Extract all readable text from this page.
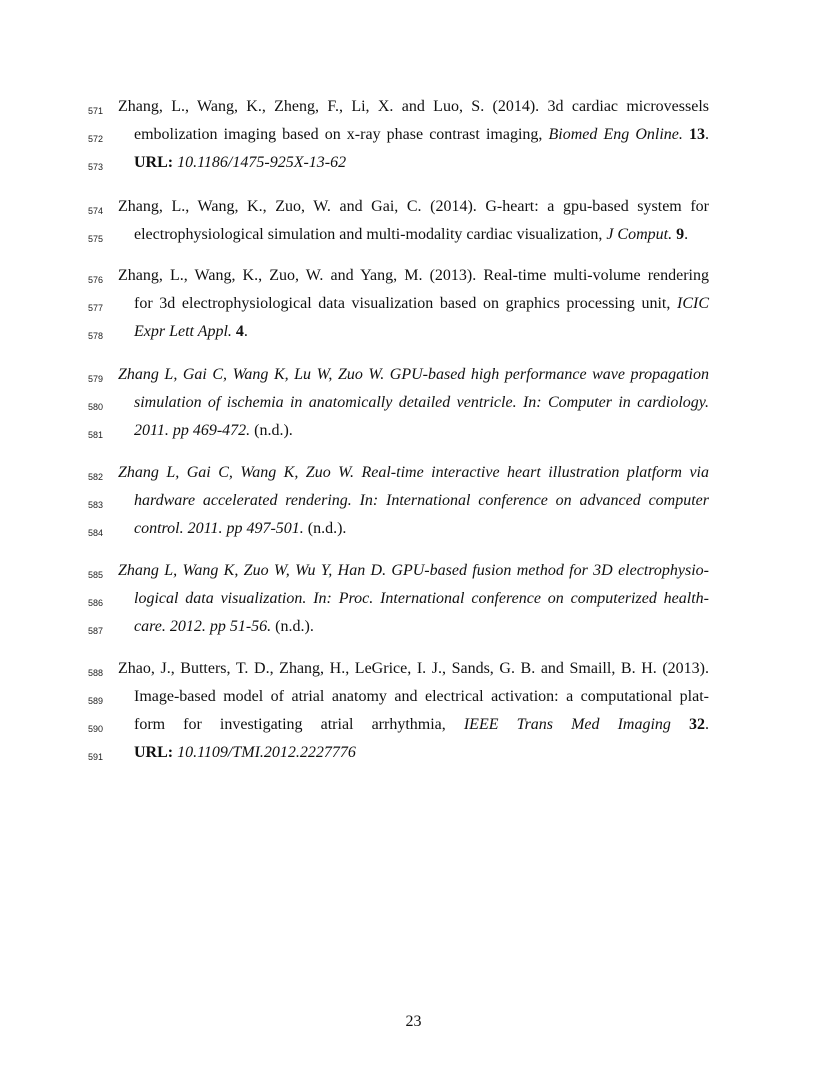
571 Zhang, L., Wang, K., Zheng, F., Li, X. and Luo, S. (2014). 3d cardiac microvessels
572 embolization imaging based on x-ray phase contrast imaging, Biomed Eng Online. 13.
573 URL: 10.1186/1475-925X-13-62
574 Zhang, L., Wang, K., Zuo, W. and Gai, C. (2014). G-heart: a gpu-based system for
575 electrophysiological simulation and multi-modality cardiac visualization, J Comput. 9.
576 Zhang, L., Wang, K., Zuo, W. and Yang, M. (2013). Real-time multi-volume rendering
577 for 3d electrophysiological data visualization based on graphics processing unit, ICIC
578 Expr Lett Appl. 4.
579 Zhang L, Gai C, Wang K, Lu W, Zuo W. GPU-based high performance wave propagation
580 simulation of ischemia in anatomically detailed ventricle. In: Computer in cardiology.
581 2011. pp 469-472. (n.d.).
582 Zhang L, Gai C, Wang K, Zuo W. Real-time interactive heart illustration platform via
583 hardware accelerated rendering. In: International conference on advanced computer
584 control. 2011. pp 497-501. (n.d.).
585 Zhang L, Wang K, Zuo W, Wu Y, Han D. GPU-based fusion method for 3D electrophysio-
586 logical data visualization. In: Proc. International conference on computerized health-
587 care. 2012. pp 51-56. (n.d.).
588 Zhao, J., Butters, T. D., Zhang, H., LeGrice, I. J., Sands, G. B. and Smaill, B. H. (2013).
589 Image-based model of atrial anatomy and electrical activation: a computational plat-
590 form for investigating atrial arrhythmia, IEEE Trans Med Imaging 32.
591 URL: 10.1109/TMI.2012.2227776
23
